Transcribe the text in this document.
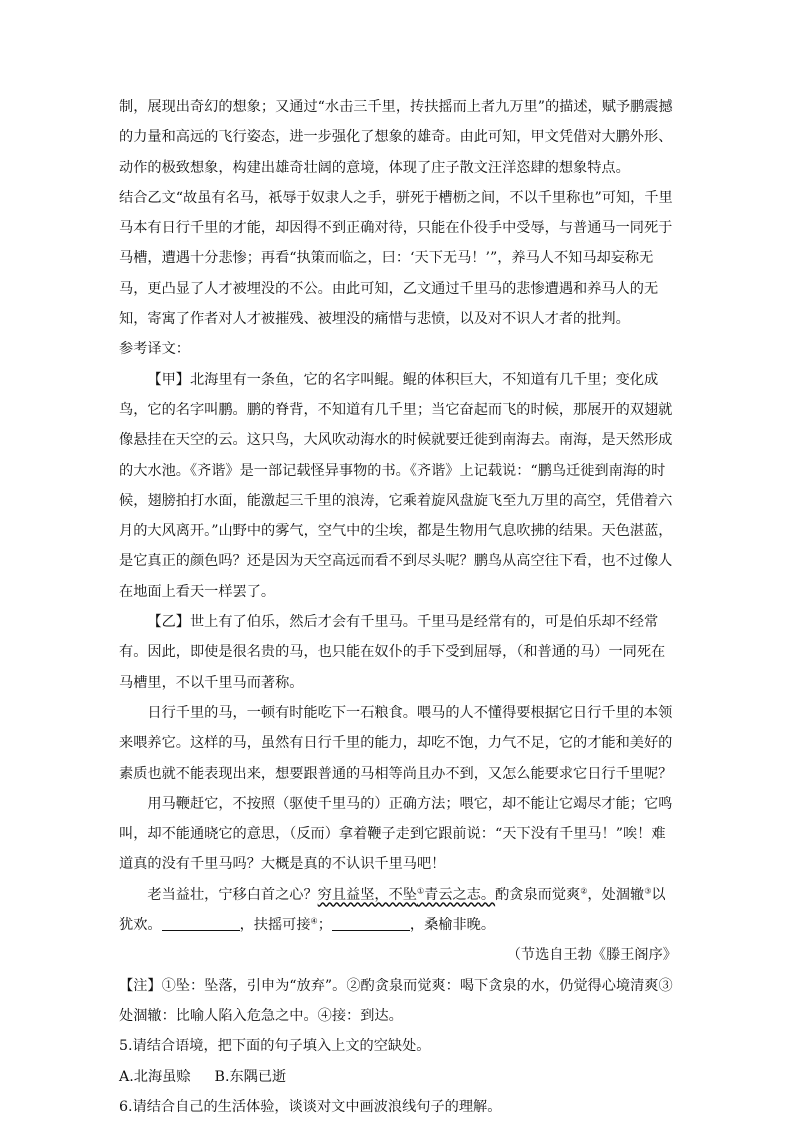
制，展现出奇幻的想象；又通过“水击三千里，抟扶摇而上者九万里”的描述，赋予鹏震撼的力量和高远的飞行姿态，进一步强化了想象的雄奇。由此可知，甲文凭借对大鹏外形、动作的极致想象，构建出雄奇壮阔的意境，体现了庄子散文汪洋恣肆的想象特点。

结合乙文“故虽有名马，祇辱于奴隶人之手，骈死于槽枥之间，不以千里称也”可知，千里马本有日行千里的才能，却因得不到正确对待，只能在仆役手中受辱，与普通马一同死于马槽，遭遇十分悲惨；再看“执策而临之，曰：‘天下无马！’”，养马人不知马却妄称无马，更凸显了人才被埋没的不公。由此可知，乙文通过千里马的悲惨遭遇和养马人的无知，寄寓了作者对人才被摧残、被埋没的痛惜与悲愤，以及对不识人才者的批判。

参考译文：

【甲】北海里有一条鱼，它的名字叫鲲。鲲的体积巨大，不知道有几千里；变化成鸟，它的名字叫鹏。鹏的脊背，不知道有几千里；当它奋起而飞的时候，那展开的双翅就像悬挂在天空的云。这只鸟，大风吹动海水的时候就要迁徙到南海去。南海，是天然形成的大水池。《齐谐》是一部记载怪异事物的书。《齐谐》上记载说：“鹏鸟迁徙到南海的时候，翅膀拍打水面，能激起三千里的浪涛，它乘着旋风盘旋飞至九万里的高空，凭借着六月的大风离开。”山野中的雾气，空气中的尘埃，都是生物用气息吹拂的结果。天色湛蓝，是它真正的颜色吗？还是因为天空高远而看不到尽头呢？鹏鸟从高空往下看，也不过像人在地面上看天一样罢了。

【乙】世上有了伯乐，然后才会有千里马。千里马是经常有的，可是伯乐却不经常有。因此，即使是很名贵的马，也只能在奴仆的手下受到屈辱，（和普通的马）一同死在马槽里，不以千里马而著称。

日行千里的马，一顿有时能吃下一石粮食。喂马的人不懂得要根据它日行千里的本领来喂养它。这样的马，虽然有日行千里的能力，却吃不饱，力气不足，它的才能和美好的素质也就不能表现出来，想要跟普通的马相等尚且办不到，又怎么能要求它日行千里呢？

用马鞭赶它，不按照（驱使千里马的）正确方法；喂它，却不能让它竭尽才能；它鸣叫，却不能通晓它的意思，（反而）拿着鞭子走到它跟前说：“天下没有千里马！”唉！难道真的没有千里马吗？大概是真的不认识千里马吧！

老当益壮，宁移白首之心？穷且益坚，不坠①青云之志。酌贪泉而觉爽②，处涸辙③以犹欢。	，扶摇可接④；	，桑榆非晚。

（节选自王勃《滕王阁序》

【注】①坠：坠落，引申为“放弃”。②酌贪泉而觉爽：喝下贪泉的水，仍觉得心境清爽③处涸辙：比喻人陷入危急之中。④接：到达。

5.请结合语境，把下面的句子填入上文的空缺处。

A.北海虽赊 B.东隅已逝

6.请结合自己的生活体验，谈谈对文中画波浪线句子的理解。
